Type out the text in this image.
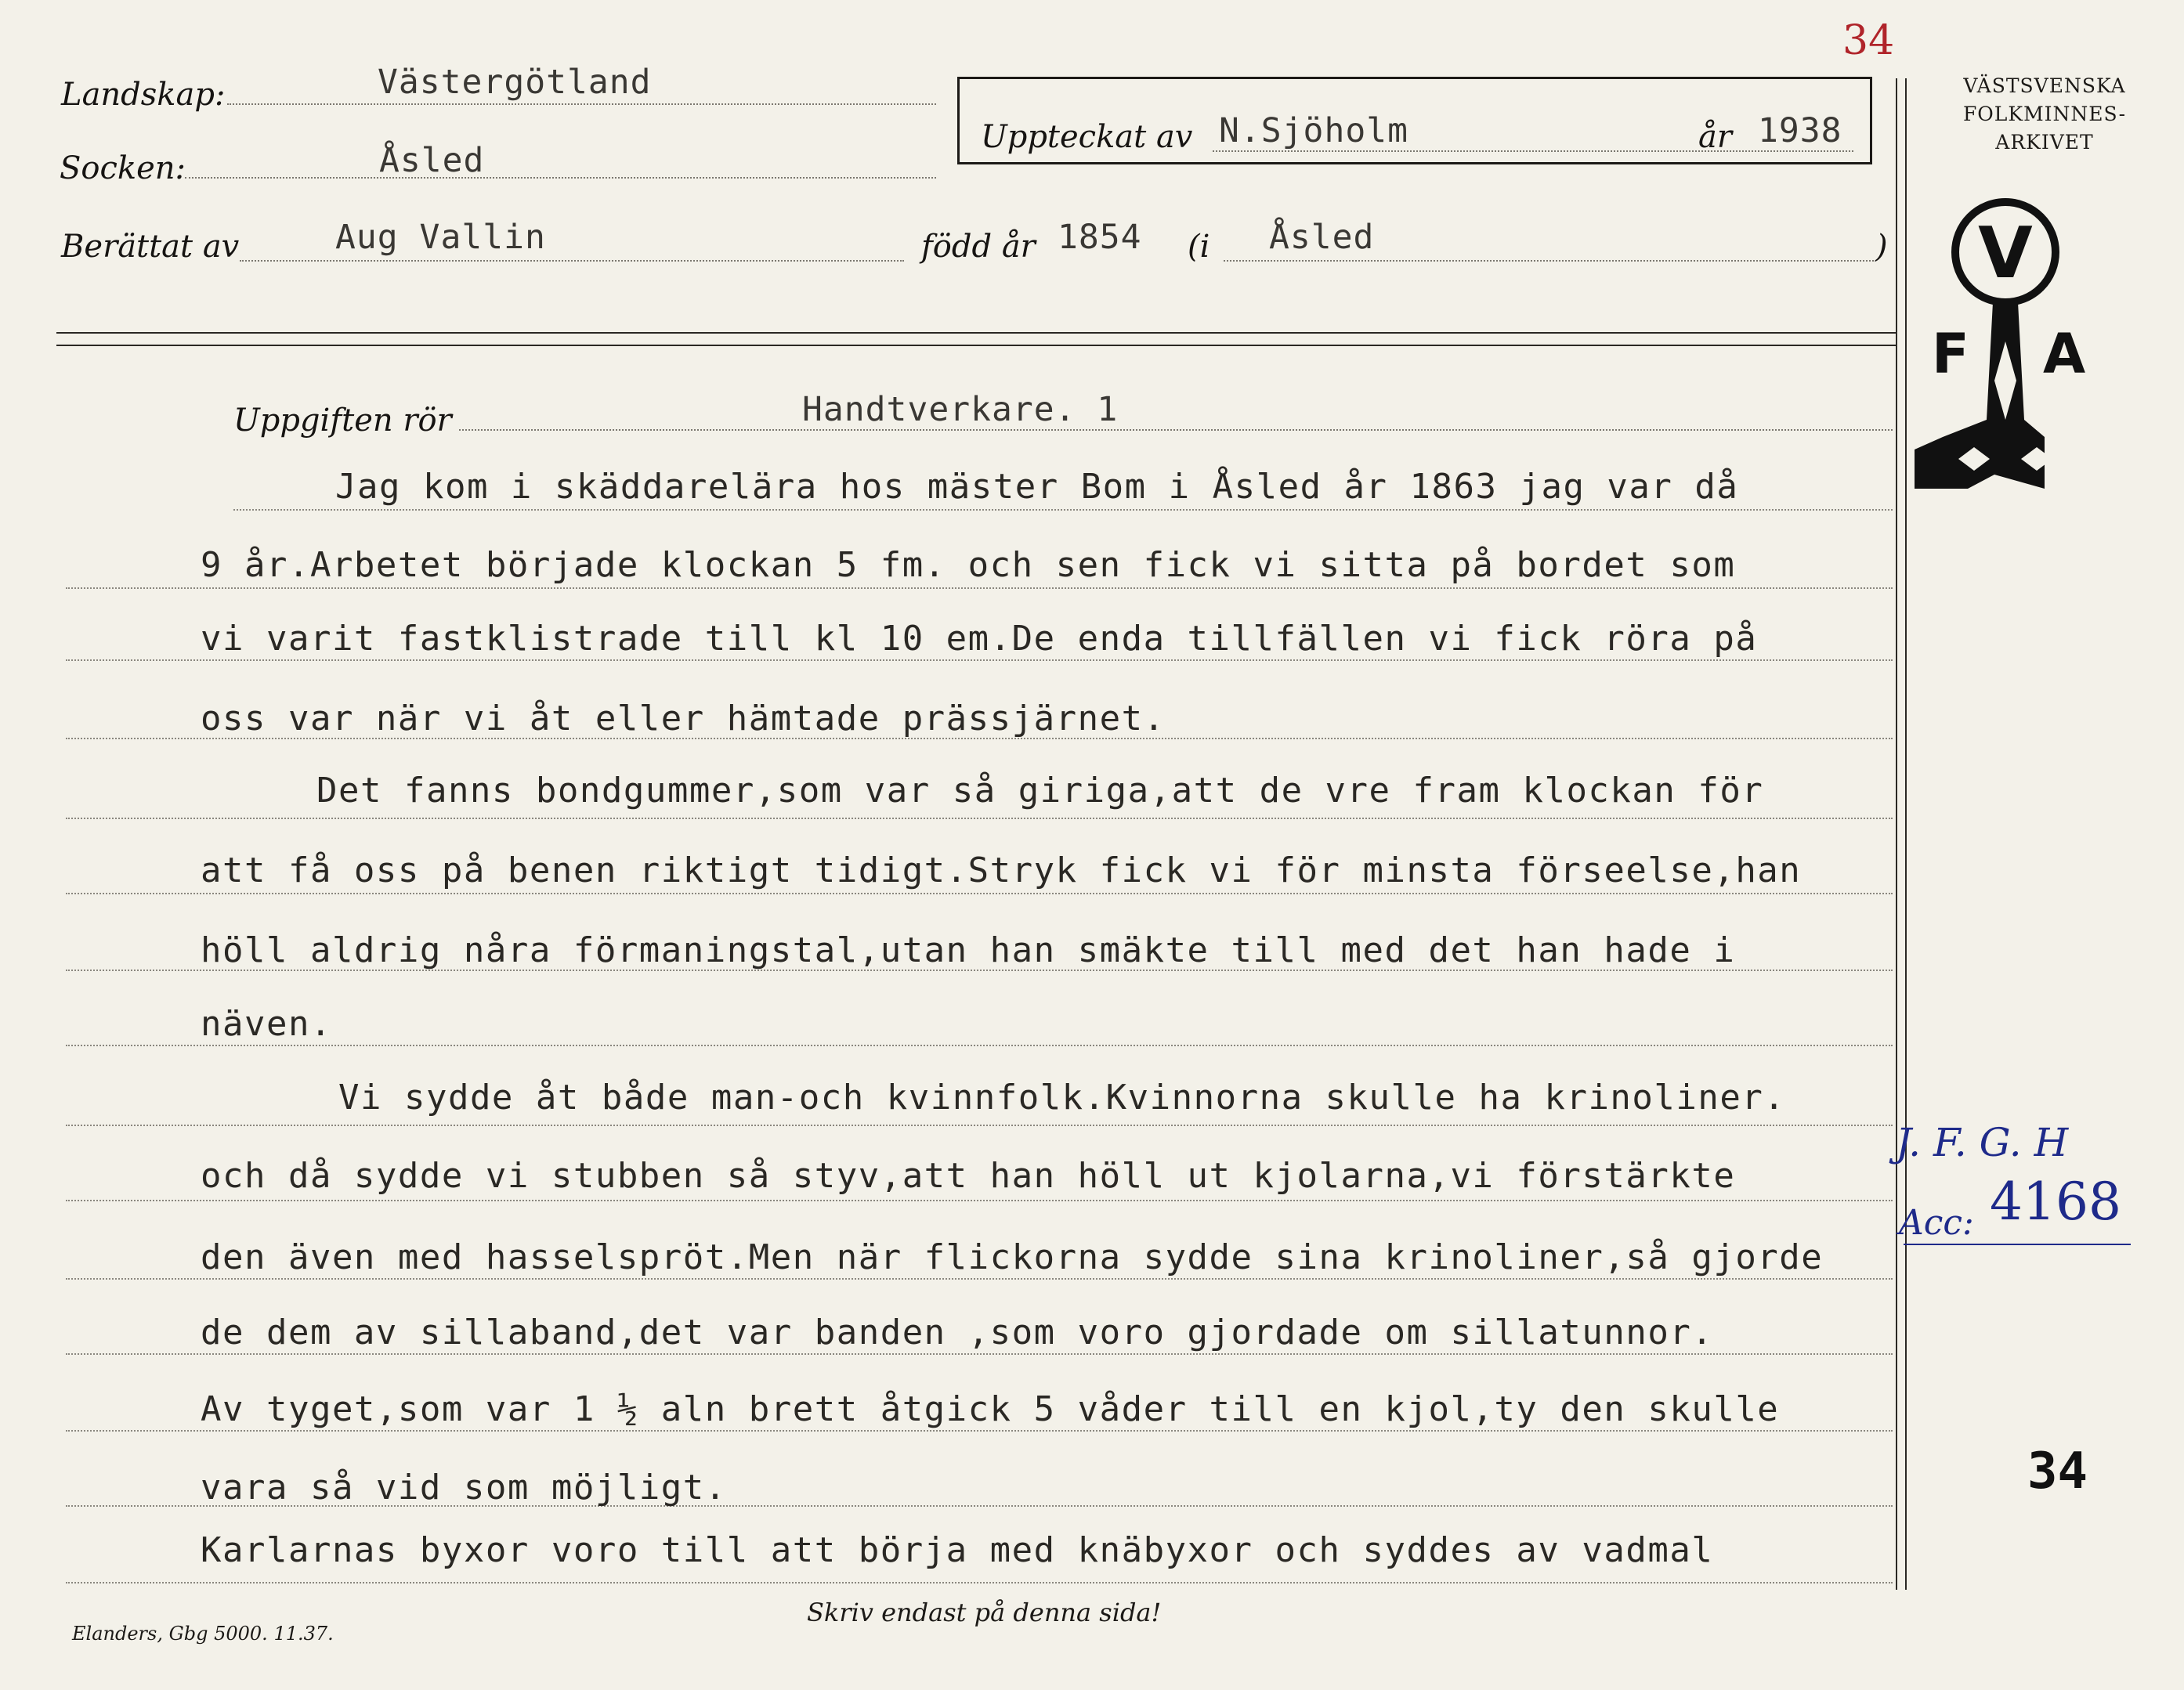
34
Landskap:	Västergötland
Socken:	Åsled
Uppteckat av N.Sjöholm	år 1938
Berättat av	Aug Vallin	född år 1854 (i Åsled	)
VÄSTSVENSKA
FOLKMINNES-
ARKIVET
V
F A
Uppgiften rör	Handtverkare. 1
Jag kom i skäddarelära hos mäster Bom i Åsled år 1863 jag var då
9 år.Arbetet började klockan 5 fm. och sen fick vi sitta på bordet som
vi varit fastklistrade till kl 10 em.De enda tillfällen vi fick röra på
oss var när vi åt eller hämtade prässjärnet.
Det fanns bondgummer,som var så giriga,att de vre fram klockan för
att få oss på benen riktigt tidigt.Stryk fick vi för minsta förseelse,han
höll aldrig nåra förmaningstal,utan han smäkte till med det han hade i
näven.
Vi sydde åt både man-och kvinnfolk.Kvinnorna skulle ha krinoliner.
och då sydde vi stubben så styv,att han höll ut kjolarna,vi förstärkte
den även med hasselspröt.Men när flickorna sydde sina krinoliner,så gjorde
de dem av sillaband,det var banden ,som voro gjordade om sillatunnor.
Av tyget,som var 1 ½ aln brett åtgick 5 våder till en kjol,ty den skulle
vara så vid som möjligt.
Karlarnas byxor voro till att börja med knäbyxor och syddes av vadmal
J. F. G. H
Acc: 4168
34
Elanders, Gbg 5000. 11.37.
Skriv endast på denna sida!
